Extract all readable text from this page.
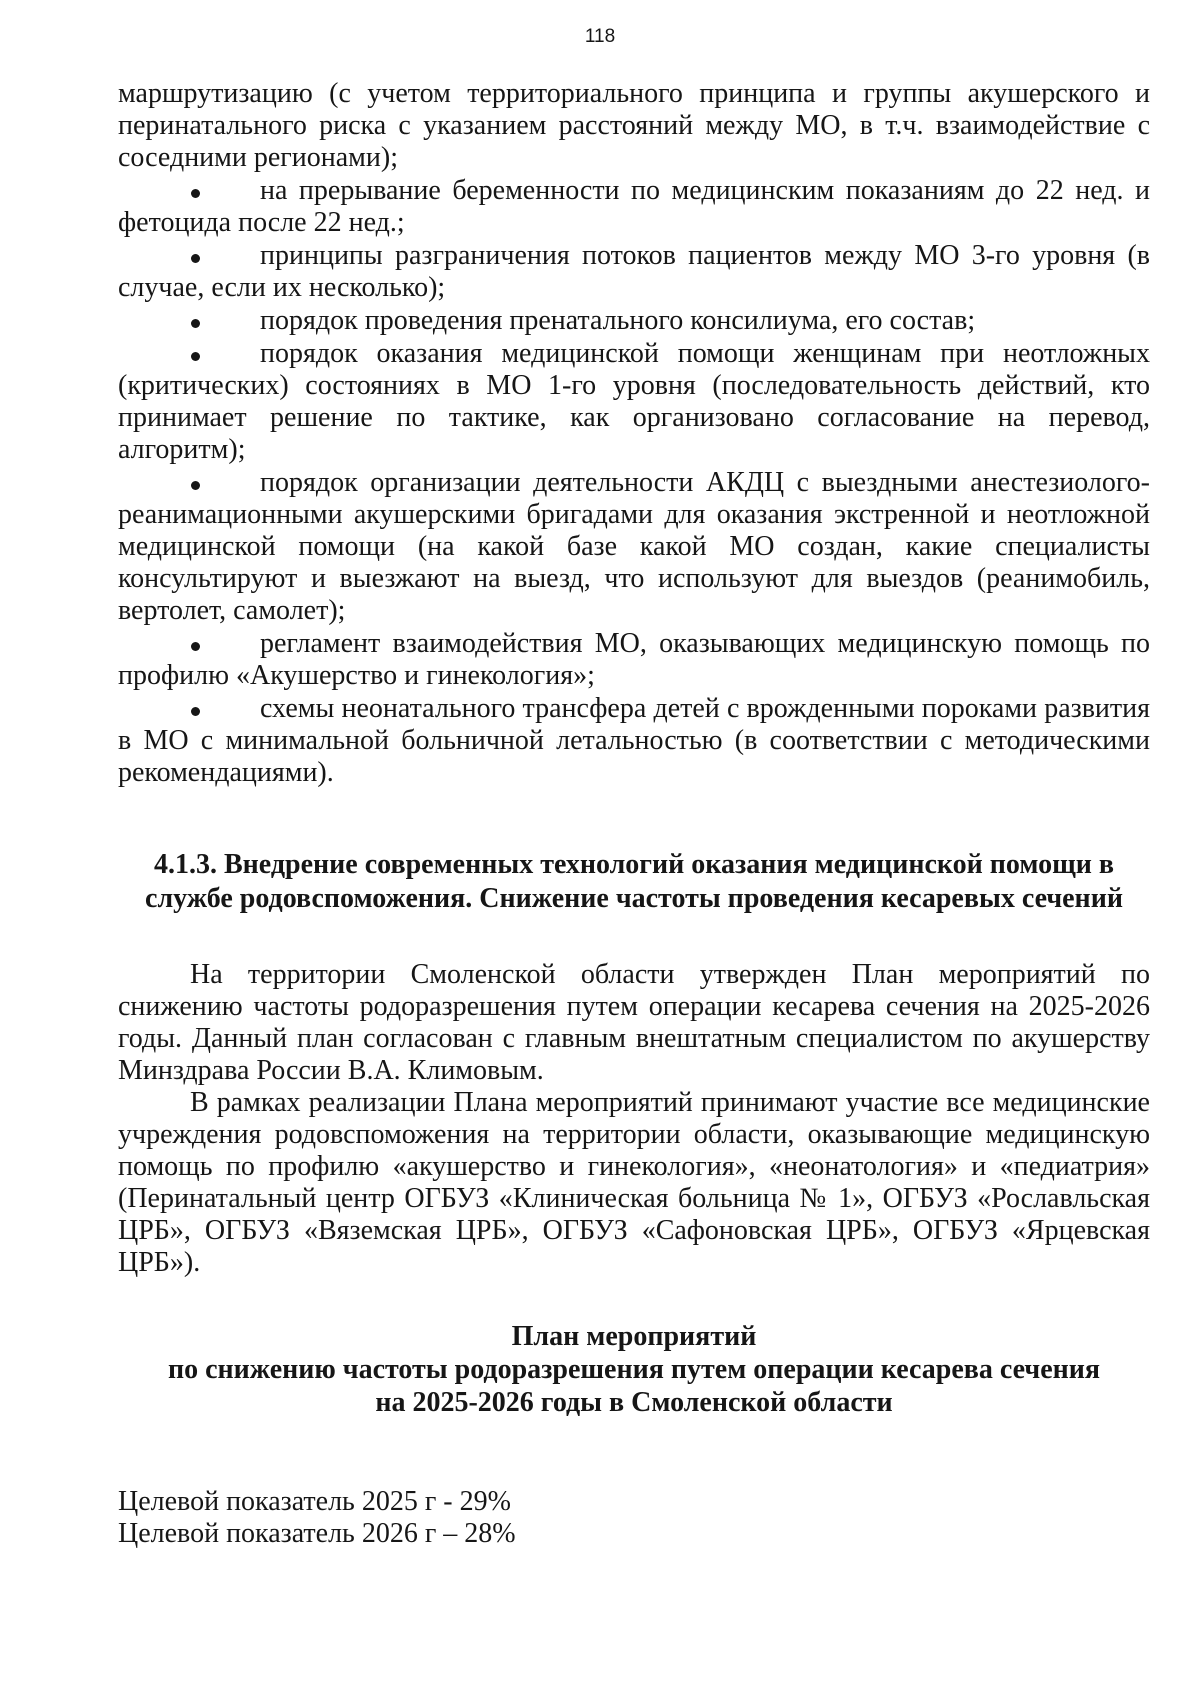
118

маршрутизацию (с учетом территориального принципа и группы акушерского и перинатального риска с указанием расстояний между МО, в т.ч. взаимодействие с соседними регионами);

на прерывание беременности по медицинским показаниям до 22 нед. и фетоцида после 22 нед.;

принципы разграничения потоков пациентов между МО 3-го уровня (в случае, если их несколько);

порядок проведения пренатального консилиума, его состав;

порядок оказания медицинской помощи женщинам при неотложных (критических) состояниях в МО 1-го уровня (последовательность действий, кто принимает решение по тактике, как организовано согласование на перевод, алгоритм);

порядок организации деятельности АКДЦ с выездными анестезиолого-реанимационными акушерскими бригадами для оказания экстренной и неотложной медицинской помощи (на какой базе какой МО создан, какие специалисты консультируют и выезжают на выезд, что используют для выездов (реанимобиль, вертолет, самолет);

регламент взаимодействия МО, оказывающих медицинскую помощь по профилю «Акушерство и гинекология»;

схемы неонатального трансфера детей с врожденными пороками развития в МО с минимальной больничной летальностью (в соответствии с методическими рекомендациями).

4.1.3. Внедрение современных технологий оказания медицинской помощи в службе родовспоможения. Снижение частоты проведения кесаревых сечений

На территории Смоленской области утвержден План мероприятий по снижению частоты родоразрешения путем операции кесарева сечения на 2025-2026 годы. Данный план согласован с главным внештатным специалистом по акушерству Минздрава России В.А. Климовым.

В рамках реализации Плана мероприятий принимают участие все медицинские учреждения родовспоможения на территории области, оказывающие медицинскую помощь по профилю «акушерство и гинекология», «неонатология» и «педиатрия» (Перинатальный центр ОГБУЗ «Клиническая больница № 1», ОГБУЗ «Рославльская ЦРБ», ОГБУЗ «Вяземская ЦРБ», ОГБУЗ «Сафоновская ЦРБ», ОГБУЗ «Ярцевская ЦРБ»).

План мероприятий
по снижению частоты родоразрешения путем операции кесарева сечения
на 2025-2026 годы в Смоленской области
Целевой показатель 2025 г - 29%
Целевой показатель 2026 г – 28%
